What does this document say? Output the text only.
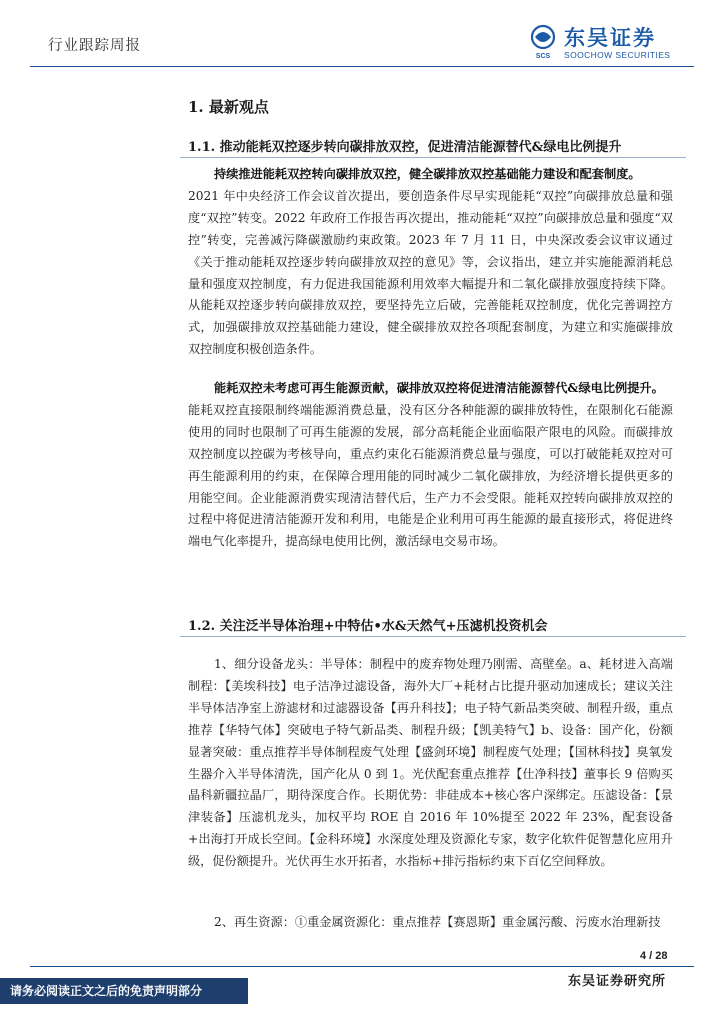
行业跟踪周报
SCS
东吴证券
SOOCHOW SECURITIES
1. 最新观点
1.1. 推动能耗双控逐步转向碳排放双控，促进清洁能源替代&绿电比例提升
持续推进能耗双控转向碳排放双控，健全碳排放双控基础能力建设和配套制度。
2021 年中央经济工作会议首次提出，要创造条件尽早实现能耗“双控”向碳排放总量和强度“双控”转变。2022 年政府工作报告再次提出，推动能耗“双控”向碳排放总量和强度“双控”转变，完善减污降碳激励约束政策。2023 年 7 月 11 日，中央深改委会议审议通过《关于推动能耗双控逐步转向碳排放双控的意见》等，会议指出，建立并实施能源消耗总量和强度双控制度，有力促进我国能源利用效率大幅提升和二氧化碳排放强度持续下降。从能耗双控逐步转向碳排放双控，要坚持先立后破，完善能耗双控制度，优化完善调控方式，加强碳排放双控基础能力建设，健全碳排放双控各项配套制度，为建立和实施碳排放双控制度积极创造条件。
能耗双控未考虑可再生能源贡献，碳排放双控将促进清洁能源替代&绿电比例提升。
能耗双控直接限制终端能源消费总量，没有区分各种能源的碳排放特性，在限制化石能源使用的同时也限制了可再生能源的发展，部分高耗能企业面临限产限电的风险。而碳排放双控制度以控碳为考核导向，重点约束化石能源消费总量与强度，可以打破能耗双控对可再生能源利用的约束，在保障合理用能的同时减少二氧化碳排放，为经济增长提供更多的用能空间。企业能源消费实现清洁替代后，生产力不会受限。能耗双控转向碳排放双控的过程中将促进清洁能源开发和利用，电能是企业利用可再生能源的最直接形式，将促进终端电气化率提升，提高绿电使用比例，激活绿电交易市场。
1.2. 关注泛半导体治理+中特估•水&天然气+压滤机投资机会
1、细分设备龙头：半导体：制程中的废弃物处理乃刚需、高壁垒。a、耗材进入高端制程：【美埃科技】电子洁净过滤设备，海外大厂+耗材占比提升驱动加速成长；建议关注半导体洁净室上游滤材和过滤器设备【再升科技】；电子特气新品类突破、制程升级，重点推荐【华特气体】突破电子特气新品类、制程升级；【凯美特气】b、设备：国产化，份额显著突破：重点推荐半导体制程废气处理【盛剑环境】制程废气处理；【国林科技】臭氧发生器介入半导体清洗，国产化从 0 到 1。光伏配套重点推荐【仕净科技】董事长 9 倍购买晶科新疆拉晶厂，期待深度合作。长期优势：非硅成本+核心客户深绑定。压滤设备：【景津装备】压滤机龙头，加权平均 ROE 自 2016 年 10%提至 2022 年 23%，配套设备+出海打开成长空间。【金科环境】水深度处理及资源化专家，数字化软件促智慧化应用升级，促份额提升。光伏再生水开拓者，水指标+排污指标约束下百亿空间释放。
2、再生资源：①重金属资源化：重点推荐【赛恩斯】重金属污酸、污废水治理新技
4 / 28
请务必阅读正文之后的免责声明部分
东吴证券研究所
